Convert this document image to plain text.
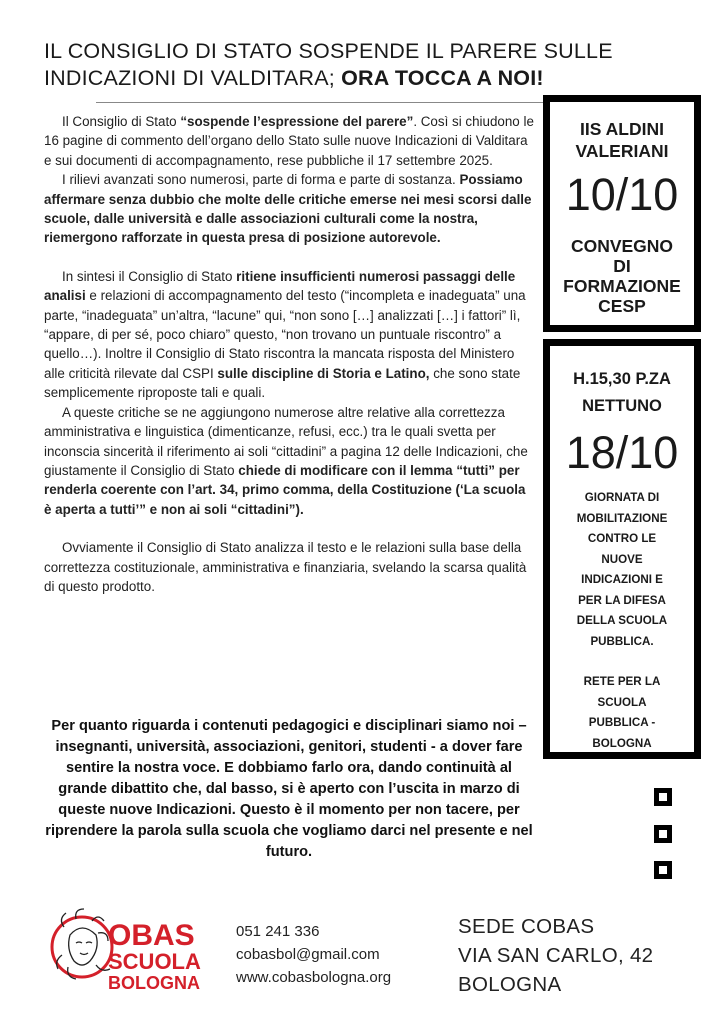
IL CONSIGLIO DI STATO SOSPENDE IL PARERE SULLE
INDICAZIONI DI VALDITARA; ORA TOCCA A NOI!

Il Consiglio di Stato “sospende l’espressione del parere”. Così si chiudono le 16 pagine di commento dell’organo dello Stato sulle nuove Indicazioni di Valditara e sui documenti di accompagnamento, rese pubbliche il 17 settembre 2025.

I rilievi avanzati sono numerosi, parte di forma e parte di sostanza. Possiamo affermare senza dubbio che molte delle critiche emerse nei mesi scorsi dalle scuole, dalle università e dalle associazioni culturali come la nostra, riemergono rafforzate in questa presa di posizione autorevole.

In sintesi il Consiglio di Stato ritiene insufficienti numerosi passaggi delle analisi e relazioni di accompagnamento del testo (“incompleta e inadeguata” una parte, “inadeguata” un’altra, “lacune” qui, “non sono […] analizzati […] i fattori” lì, “appare, di per sé, poco chiaro” questo, “non trovano un puntuale riscontro” a quello…). Inoltre il Consiglio di Stato riscontra la mancata risposta del Ministero alle criticità rilevate dal CSPI sulle discipline di Storia e Latino, che sono state semplicemente riproposte tali e quali.

A queste critiche se ne aggiungono numerose altre relative alla correttezza amministrativa e linguistica (dimenticanze, refusi, ecc.) tra le quali svetta per inconscia sincerità il riferimento ai soli “cittadini” a pagina 12 delle Indicazioni, che giustamente il Consiglio di Stato chiede di modificare con il lemma “tutti” per renderla coerente con l’art. 34, primo comma, della Costituzione (‘La scuola è aperta a tutti’” e non ai soli “cittadini”).

Ovviamente il Consiglio di Stato analizza il testo e le relazioni sulla base della correttezza costituzionale, amministrativa e finanziaria, svelando la scarsa qualità di questo prodotto.

Per quanto riguarda i contenuti pedagogici e disciplinari siamo noi – insegnanti, università, associazioni, genitori, studenti - a dover fare sentire la nostra voce. E dobbiamo farlo ora, dando continuità al grande dibattito che, dal basso, si è aperto con l’uscita in marzo di queste nuove Indicazioni. Questo è il momento per non tacere, per riprendere la parola sulla scuola che vogliamo darci nel presente e nel futuro.
IIS ALDINI
VALERIANI
10/10
CONVEGNO
DI
FORMAZIONE
CESP
H.15,30 P.ZA
NETTUNO
18/10
GIORNATA DI
MOBILITAZIONE
CONTRO LE
NUOVE
INDICAZIONI E
PER LA DIFESA
DELLA SCUOLA
PUBBLICA.
RETE PER LA
SCUOLA
PUBBLICA -
BOLOGNA
OBAS
SCUOLA
BOLOGNA
051 241 336
cobasbol@gmail.com
www.cobasbologna.org
SEDE COBAS
VIA SAN CARLO, 42
BOLOGNA
